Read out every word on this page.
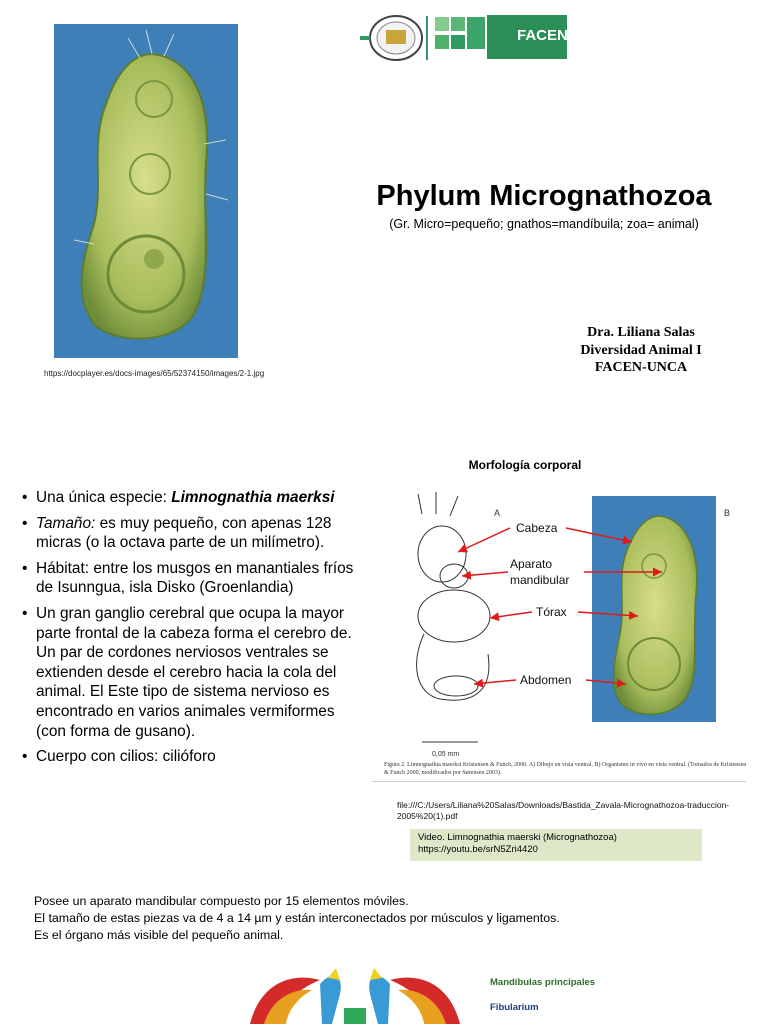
https://docplayer.es/docs-images/65/52374150/images/2-1.jpg
FACEN
Phylum Micrognathozoa
(Gr. Micro=pequeño; gnathos=mandíbuila; zoa= animal)
Dra. Liliana Salas
Diversidad Animal I
FACEN-UNCA
• Una única especie: Limnognathia maerksi
• Tamaño: es muy pequeño, con apenas 128 micras (o la octava parte de un milímetro).
• Hábitat: entre los musgos en manantiales fríos de Isunngua, isla Disko (Groenlandia)
• Un gran ganglio cerebral que ocupa la mayor parte frontal de la cabeza forma el cerebro de. Un par de cordones nerviosos ventrales se extienden desde el cerebro hacia la cola del animal. El Este tipo de sistema nervioso es encontrado en varios animales vermiformes (con forma de gusano).
• Cuerpo con cilios: cilióforo
Morfología corporal
0,05 mm
A	B
Cabeza
Aparato
mandibular
Tórax
Abdomen
Figura 2. Limnognathia maerksi Kristensen & Funch, 2000. A) Dibujo en vista ventral. B) Organismo in vivo en vista ventral. (Tomados de Kristensen & Funch 2000, modificados por Sørensen 2003).
file:///C:/Users/Liliana%20Salas/Downloads/Bastida_Zavala-Micrognathozoa-traduccion-2005%20(1).pdf
Video. Limnognathia maerski (Micrognathozoa)
https://youtu.be/srN5Zri4420
Posee un aparato mandibular compuesto por 15 elementos móviles.
El tamaño de estas piezas va de 4 a 14 µm y están interconectados por músculos y ligamentos.
Es el órgano más visible del pequeño animal.
Mandíbulas principales
Fibularium
